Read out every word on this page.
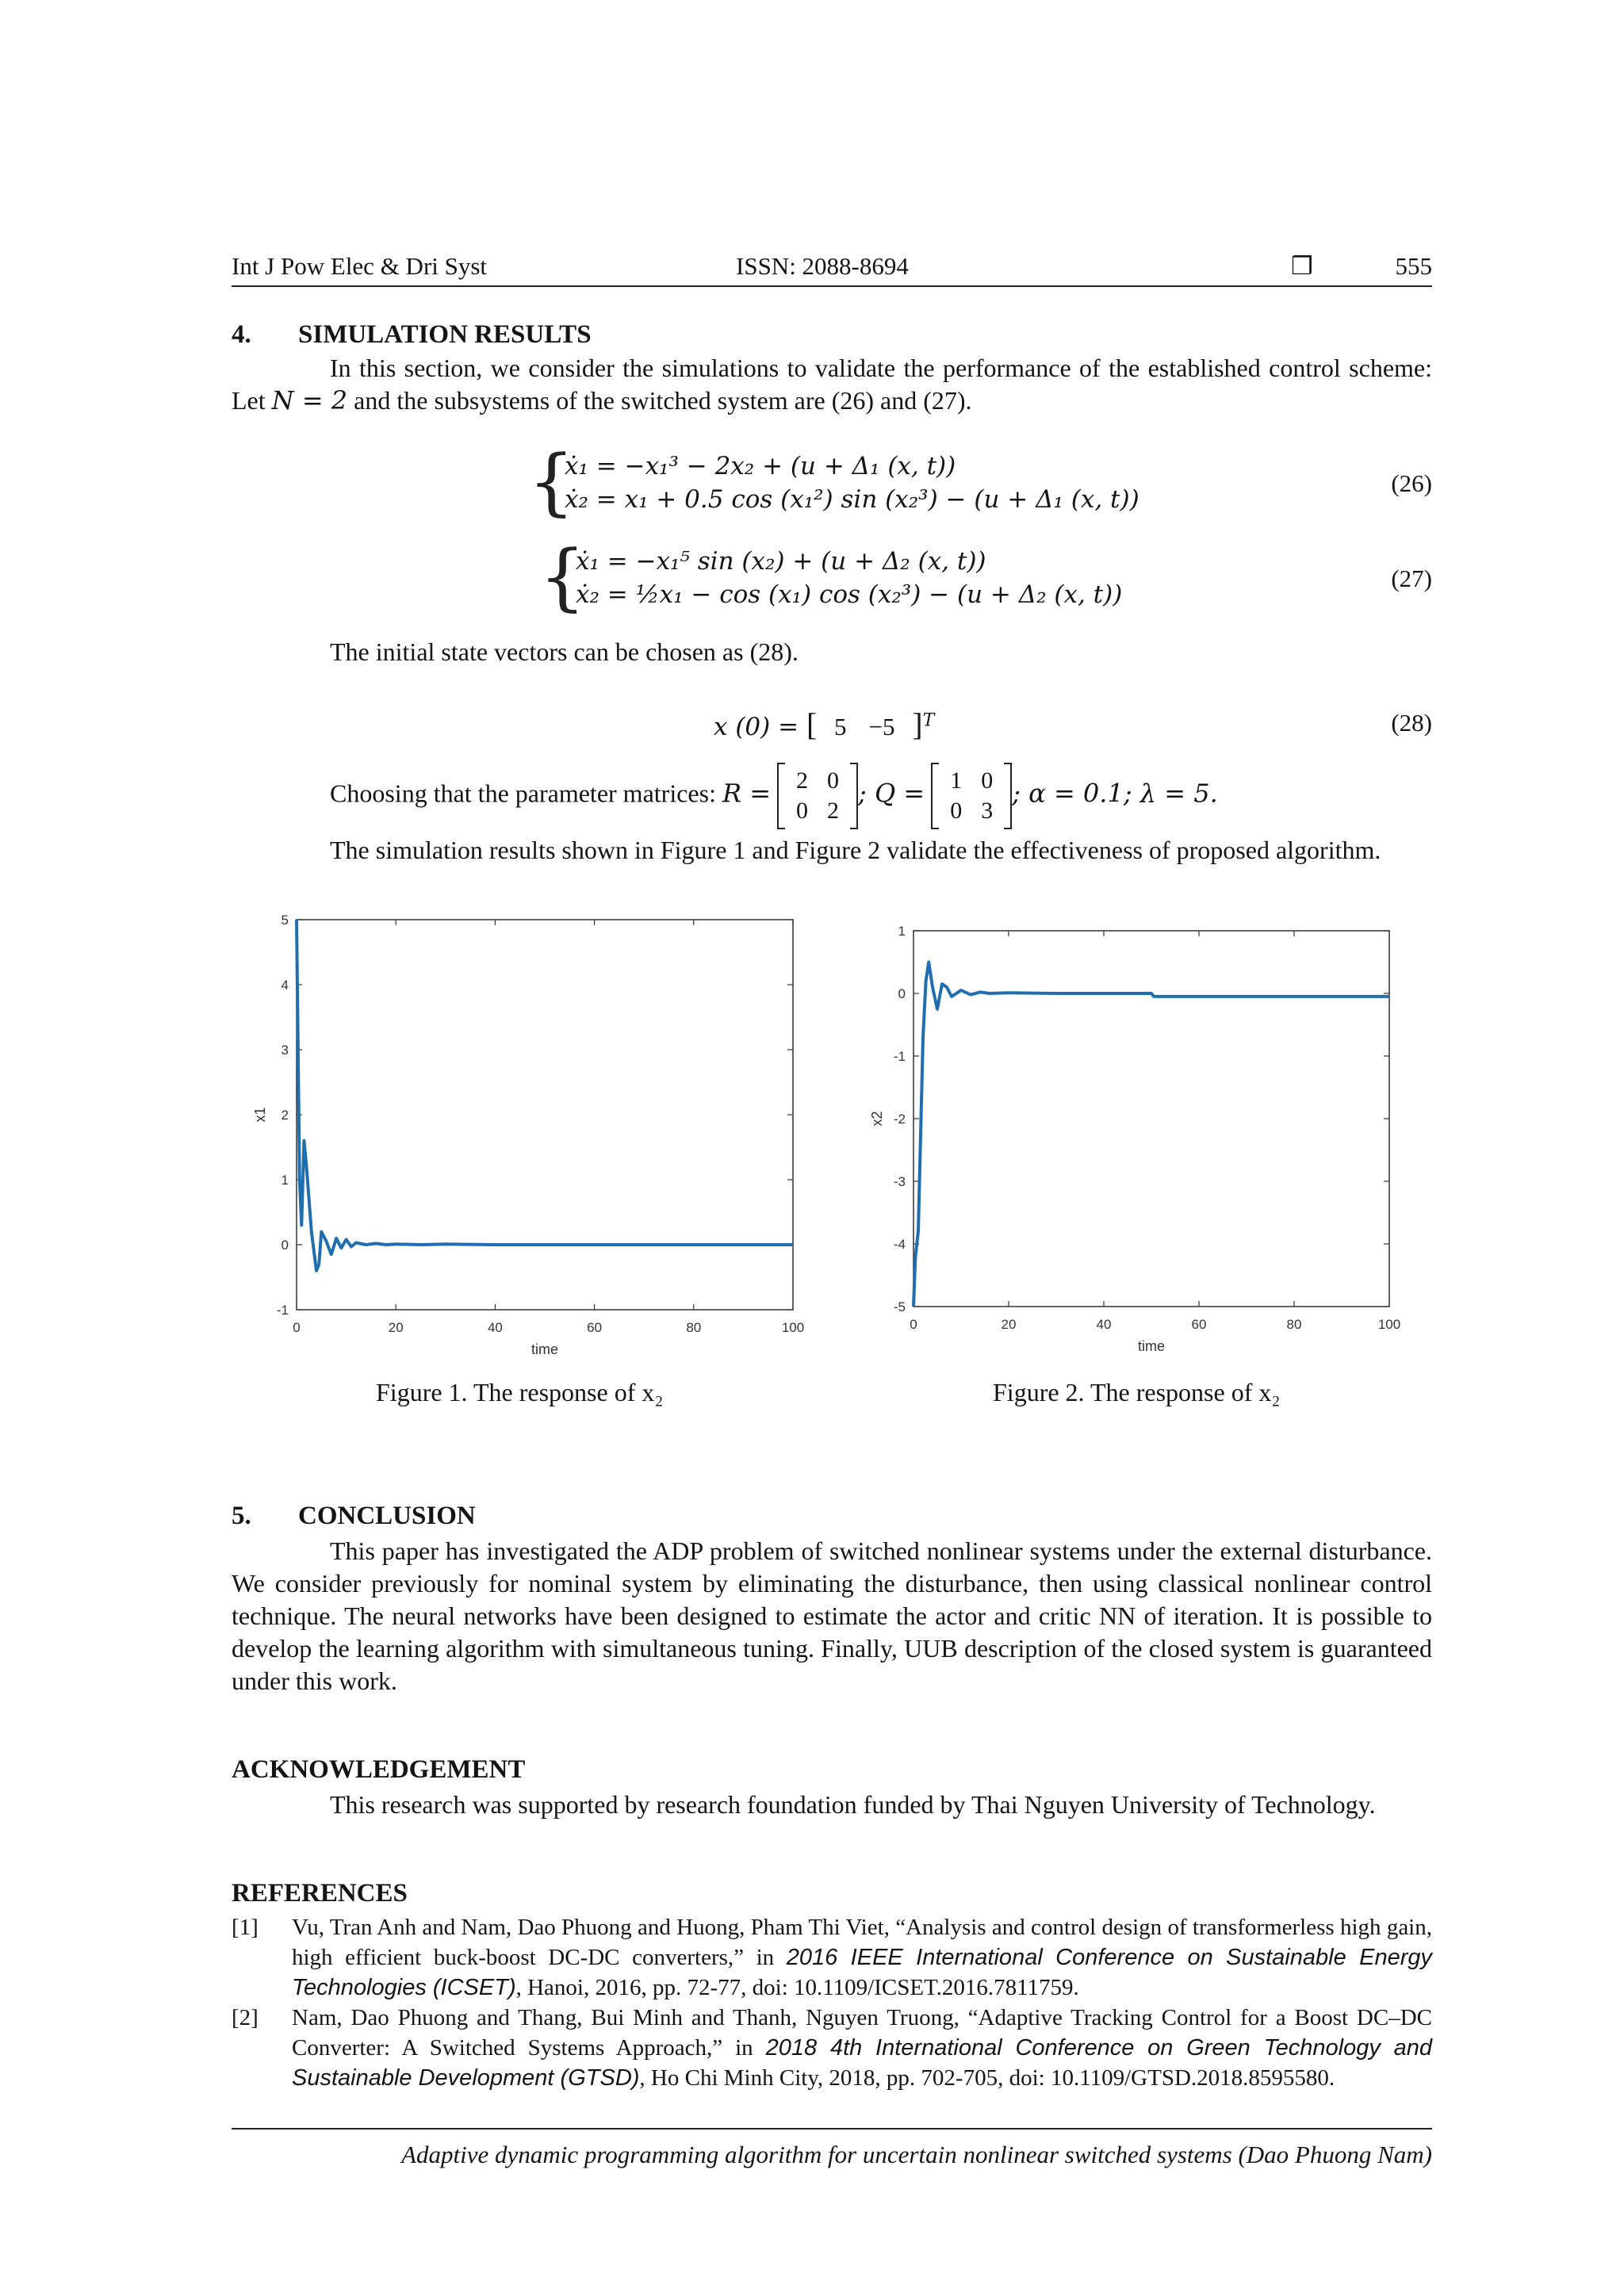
Int J Pow Elec & Dri Syst	ISSN: 2088-8694	❒	555
4. SIMULATION RESULTS
In this section, we consider the simulations to validate the performance of the established control scheme: Let N = 2 and the subsystems of the switched system are (26) and (27).
{
ẋ₁ = −x₁³ − 2x₂ + (u + Δ₁ (x, t))
ẋ₂ = x₁ + 0.5 cos (x₁²) sin (x₂³) − (u + Δ₁ (x, t))
(26)
{
ẋ₁ = −x₁⁵ sin (x₂) + (u + Δ₂ (x, t))
ẋ₂ = ½x₁ − cos (x₁) cos (x₂³) − (u + Δ₂ (x, t))
(27)
The initial state vectors can be chosen as (28).
x (0) = [ 5 −5 ]$^T$	(28)
Choosing that the parameter matrices: R = 2	0
0	2
; Q = 1	0
0	3
; α = 0.1; λ = 5.
The simulation results shown in Figure 1 and Figure 2 validate the effectiveness of proposed algorithm.
0	20	40	60	80	100
-1
0
1
2
3
4
5
time
x1
0	20	40	60	80	100
-5
-4
-3
-2
-1
0
1
time
x2
Figure 1. The response of x₂	Figure 2. The response of x₂
5. CONCLUSION
This paper has investigated the ADP problem of switched nonlinear systems under the external disturbance. We consider previously for nominal system by eliminating the disturbance, then using classical nonlinear control technique. The neural networks have been designed to estimate the actor and critic NN of iteration. It is possible to develop the learning algorithm with simultaneous tuning. Finally, UUB description of the closed system is guaranteed under this work.
ACKNOWLEDGEMENT
This research was supported by research foundation funded by Thai Nguyen University of Technology.
REFERENCES
[1] Vu, Tran Anh and Nam, Dao Phuong and Huong, Pham Thi Viet, “Analysis and control design of transformerless high gain, high efficient buck-boost DC-DC converters,” in 2016 IEEE International Conference on Sustainable Energy Technologies (ICSET), Hanoi, 2016, pp. 72-77, doi: 10.1109/ICSET.2016.7811759.
[2] Nam, Dao Phuong and Thang, Bui Minh and Thanh, Nguyen Truong, “Adaptive Tracking Control for a Boost DC–DC Converter: A Switched Systems Approach,” in 2018 4th International Conference on Green Technology and Sustainable Development (GTSD), Ho Chi Minh City, 2018, pp. 702-705, doi: 10.1109/GTSD.2018.8595580.
Adaptive dynamic programming algorithm for uncertain nonlinear switched systems (Dao Phuong Nam)
